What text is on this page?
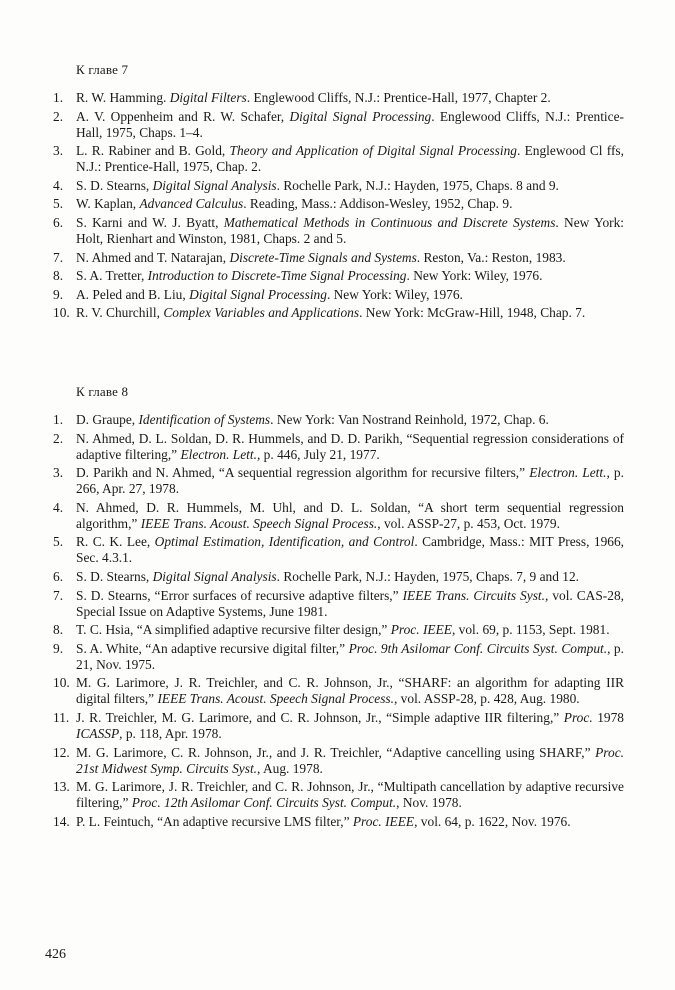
К главе 7
1. R. W. Hamming. Digital Filters. Englewood Cliffs, N.J.: Prentice-Hall, 1977, Chapter 2.
2. A. V. Oppenheim and R. W. Schafer, Digital Signal Processing. Englewood Cliffs, N.J.: Prentice-Hall, 1975, Chaps. 1–4.
3. L. R. Rabiner and B. Gold, Theory and Application of Digital Signal Processing. Englewood Cl ffs, N.J.: Prentice-Hall, 1975, Chap. 2.
4. S. D. Stearns, Digital Signal Analysis. Rochelle Park, N.J.: Hayden, 1975, Chaps. 8 and 9.
5. W. Kaplan, Advanced Calculus. Reading, Mass.: Addison-Wesley, 1952, Chap. 9.
6. S. Karni and W. J. Byatt, Mathematical Methods in Continuous and Discrete Systems. New York: Holt, Rienhart and Winston, 1981, Chaps. 2 and 5.
7. N. Ahmed and T. Natarajan, Discrete-Time Signals and Systems. Reston, Va.: Reston, 1983.
8. S. A. Tretter, Introduction to Discrete-Time Signal Processing. New York: Wiley, 1976.
9. A. Peled and B. Liu, Digital Signal Processing. New York: Wiley, 1976.
10. R. V. Churchill, Complex Variables and Applications. New York: McGraw-Hill, 1948, Chap. 7.
К главе 8
1. D. Graupe, Identification of Systems. New York: Van Nostrand Reinhold, 1972, Chap. 6.
2. N. Ahmed, D. L. Soldan, D. R. Hummels, and D. D. Parikh, “Sequential regression considerations of adaptive filtering,” Electron. Lett., p. 446, July 21, 1977.
3. D. Parikh and N. Ahmed, “A sequential regression algorithm for recursive filters,” Electron. Lett., p. 266, Apr. 27, 1978.
4. N. Ahmed, D. R. Hummels, M. Uhl, and D. L. Soldan, “A short term sequential regression algorithm,” IEEE Trans. Acoust. Speech Signal Process., vol. ASSP-27, p. 453, Oct. 1979.
5. R. C. K. Lee, Optimal Estimation, Identification, and Control. Cambridge, Mass.: MIT Press, 1966, Sec. 4.3.1.
6. S. D. Stearns, Digital Signal Analysis. Rochelle Park, N.J.: Hayden, 1975, Chaps. 7, 9 and 12.
7. S. D. Stearns, “Error surfaces of recursive adaptive filters,” IEEE Trans. Circuits Syst., vol. CAS-28, Special Issue on Adaptive Systems, June 1981.
8. T. C. Hsia, “A simplified adaptive recursive filter design,” Proc. IEEE, vol. 69, p. 1153, Sept. 1981.
9. S. A. White, “An adaptive recursive digital filter,” Proc. 9th Asilomar Conf. Circuits Syst. Comput., p. 21, Nov. 1975.
10. M. G. Larimore, J. R. Treichler, and C. R. Johnson, Jr., “SHARF: an algorithm for adapting IIR digital filters,” IEEE Trans. Acoust. Speech Signal Process., vol. ASSP-28, p. 428, Aug. 1980.
11. J. R. Treichler, M. G. Larimore, and C. R. Johnson, Jr., “Simple adaptive IIR filtering,” Proc. 1978 ICASSP, p. 118, Apr. 1978.
12. M. G. Larimore, C. R. Johnson, Jr., and J. R. Treichler, “Adaptive cancelling using SHARF,” Proc. 21st Midwest Symp. Circuits Syst., Aug. 1978.
13. M. G. Larimore, J. R. Treichler, and C. R. Johnson, Jr., “Multipath cancellation by adaptive recursive filtering,” Proc. 12th Asilomar Conf. Circuits Syst. Comput., Nov. 1978.
14. P. L. Feintuch, “An adaptive recursive LMS filter,” Proc. IEEE, vol. 64, p. 1622, Nov. 1976.
426
